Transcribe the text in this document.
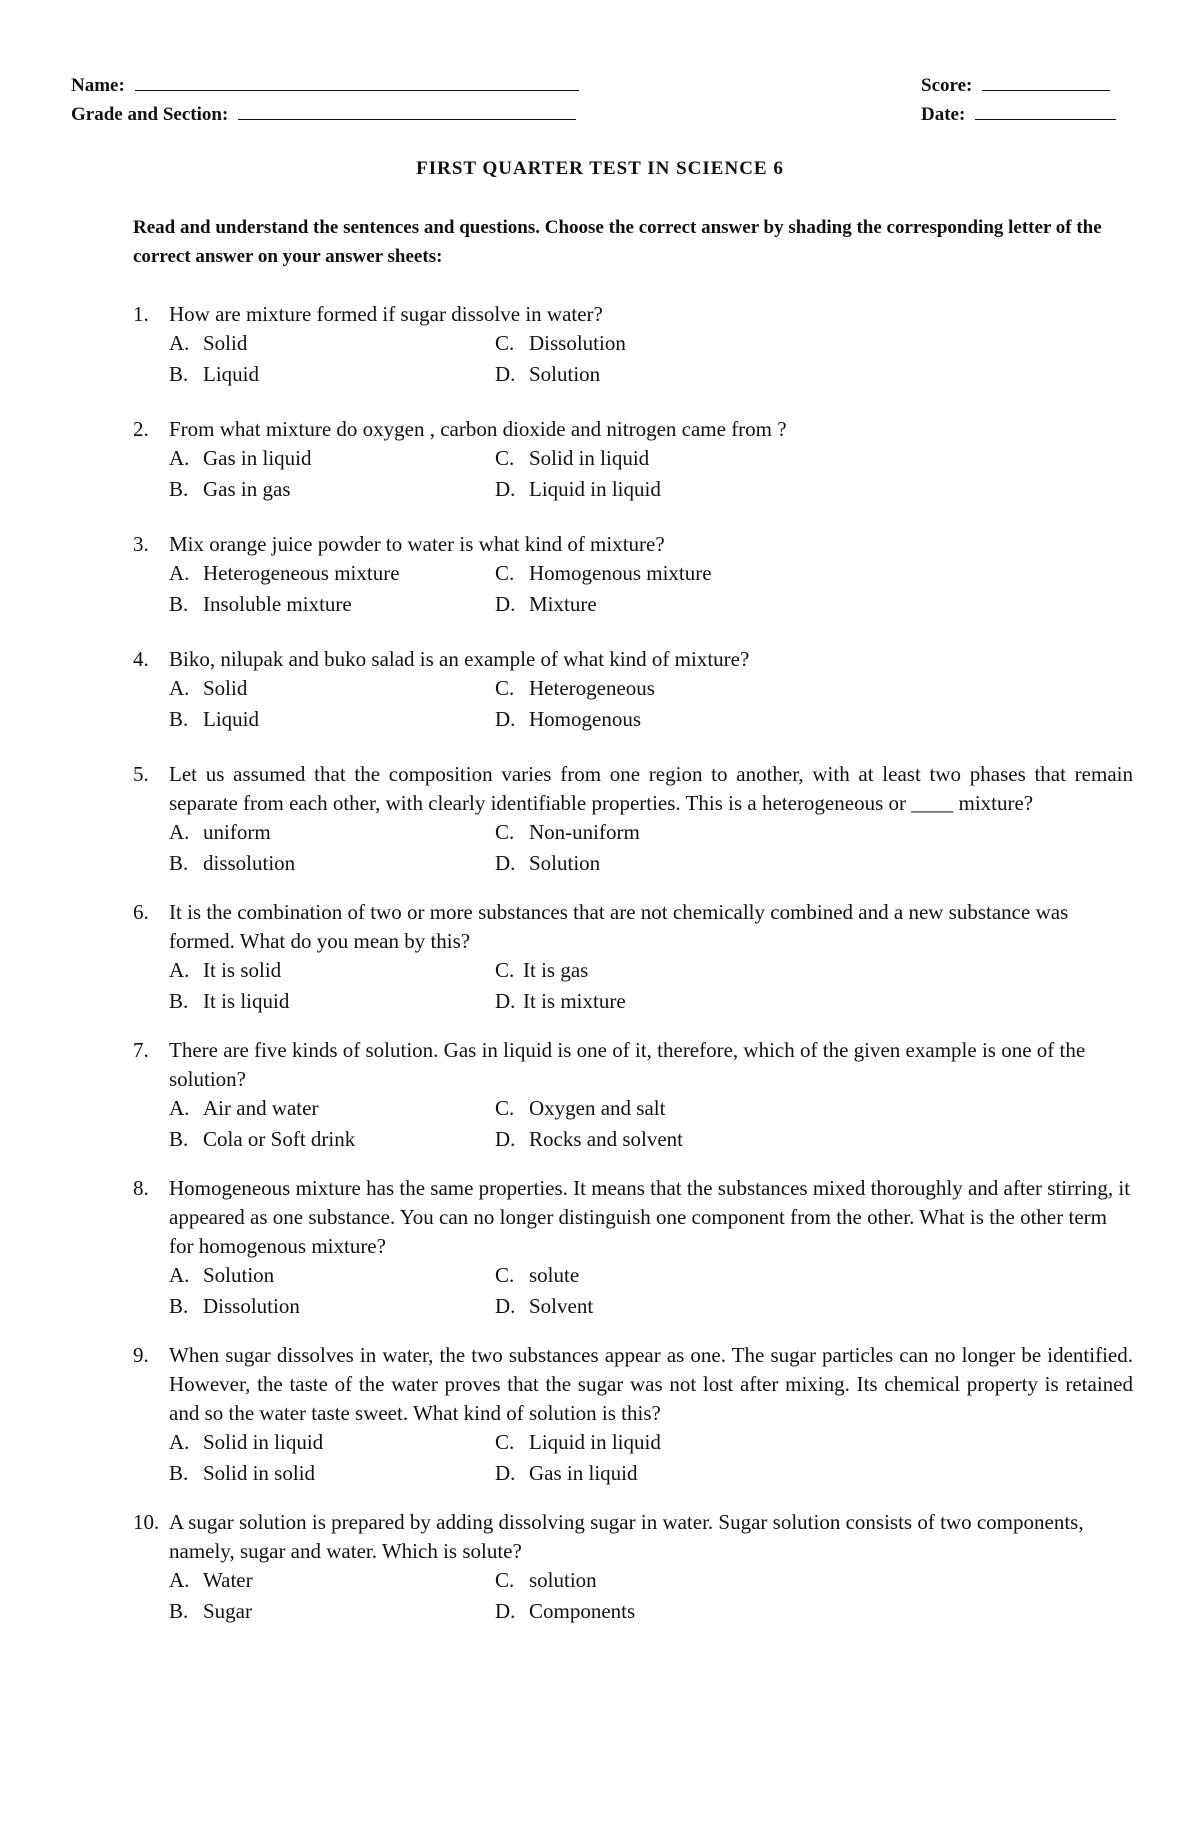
Name:	Score:
Grade and Section:	Date:
FIRST QUARTER TEST IN SCIENCE 6
Read and understand the sentences and questions. Choose the correct answer by shading the corresponding letter of the correct answer on your answer sheets:
1. How are mixture formed if sugar dissolve in water?
A. Solid	C. Dissolution
B. Liquid	D. Solution
2. From what mixture do oxygen , carbon dioxide and nitrogen came from ?
A. Gas in liquid	C. Solid in liquid
B. Gas in gas	D. Liquid in liquid
3. Mix orange juice powder to water is what kind of mixture?
A. Heterogeneous mixture	C. Homogenous mixture
B. Insoluble mixture	D. Mixture
4. Biko, nilupak and buko salad is an example of what kind of mixture?
A. Solid	C. Heterogeneous
B. Liquid	D. Homogenous
5. Let us assumed that the composition varies from one region to another, with at least two phases that remain separate from each other, with clearly identifiable properties. This is a heterogeneous or ____ mixture?
A. uniform	C. Non-uniform
B. dissolution	D. Solution
6. It is the combination of two or more substances that are not chemically combined and a new substance was formed. What do you mean by this?
A. It is solid	C. It is gas
B. It is liquid	D. It is mixture
7. There are five kinds of solution. Gas in liquid is one of it, therefore, which of the given example is one of the solution?
A. Air and water	C. Oxygen and salt
B. Cola or Soft drink	D. Rocks and solvent
8. Homogeneous mixture has the same properties. It means that the substances mixed thoroughly and after stirring, it appeared as one substance. You can no longer distinguish one component from the other. What is the other term for homogenous mixture?
A. Solution	C. solute
B. Dissolution	D. Solvent
9. When sugar dissolves in water, the two substances appear as one. The sugar particles can no longer be identified. However, the taste of the water proves that the sugar was not lost after mixing. Its chemical property is retained and so the water taste sweet. What kind of solution is this?
A. Solid in liquid	C. Liquid in liquid
B. Solid in solid	D. Gas in liquid
10. A sugar solution is prepared by adding dissolving sugar in water. Sugar solution consists of two components, namely, sugar and water. Which is solute?
A. Water	C. solution
B. Sugar	D. Components
